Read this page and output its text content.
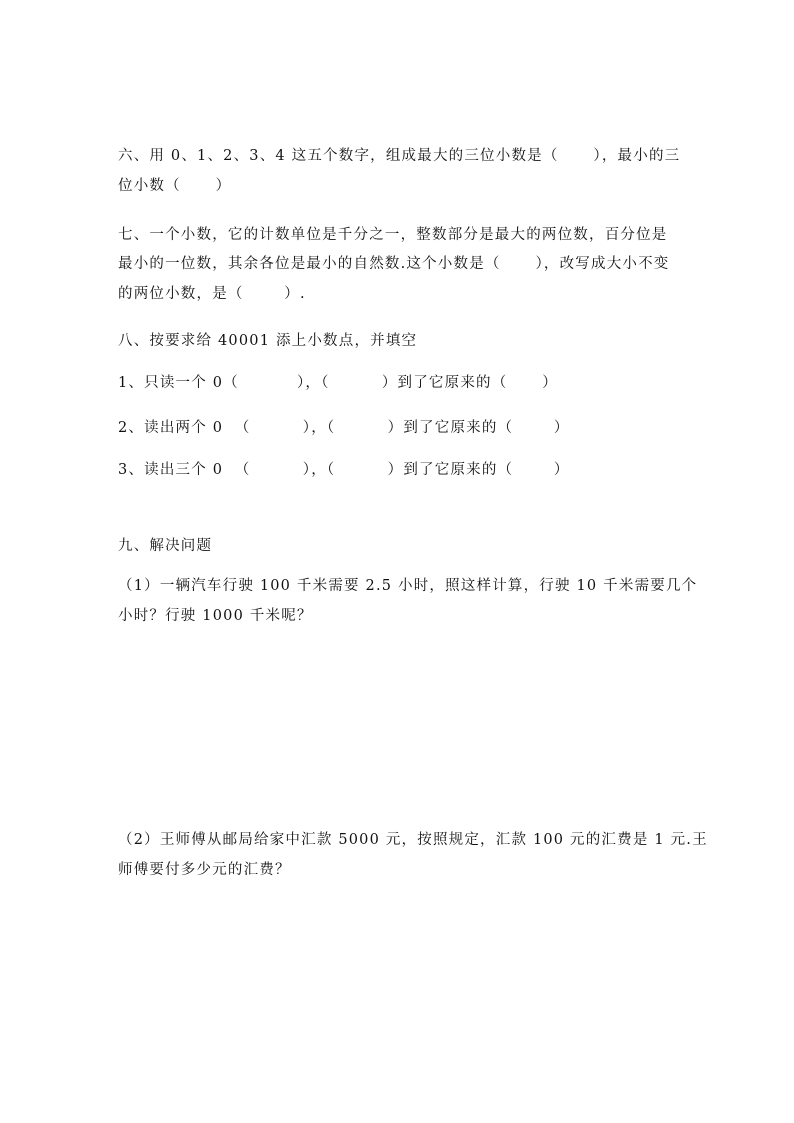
六、用 0、1、2、3、4 这五个数字，组成最大的三位小数是（      ），最小的三
位小数（      ）
七、一个小数，它的计数单位是千分之一，整数部分是最大的两位数，百分位是
最小的一位数，其余各位是最小的自然数.这个小数是（      ），改写成大小不变
的两位小数，是（       ）.
八、按要求给 40001 添上小数点，并填空
1、只读一个 0（          ），（         ）到了它原来的（      ）
2、读出两个 0  （         ），（         ）到了它原来的（       ）
3、读出三个 0  （         ），（         ）到了它原来的（       ）
九、解决问题
（1）一辆汽车行驶 100 千米需要 2.5 小时，照这样计算，行驶 10 千米需要几个
小时？行驶 1000 千米呢？
（2）王师傅从邮局给家中汇款 5000 元，按照规定，汇款 100 元的汇费是 1 元.王
师傅要付多少元的汇费？
